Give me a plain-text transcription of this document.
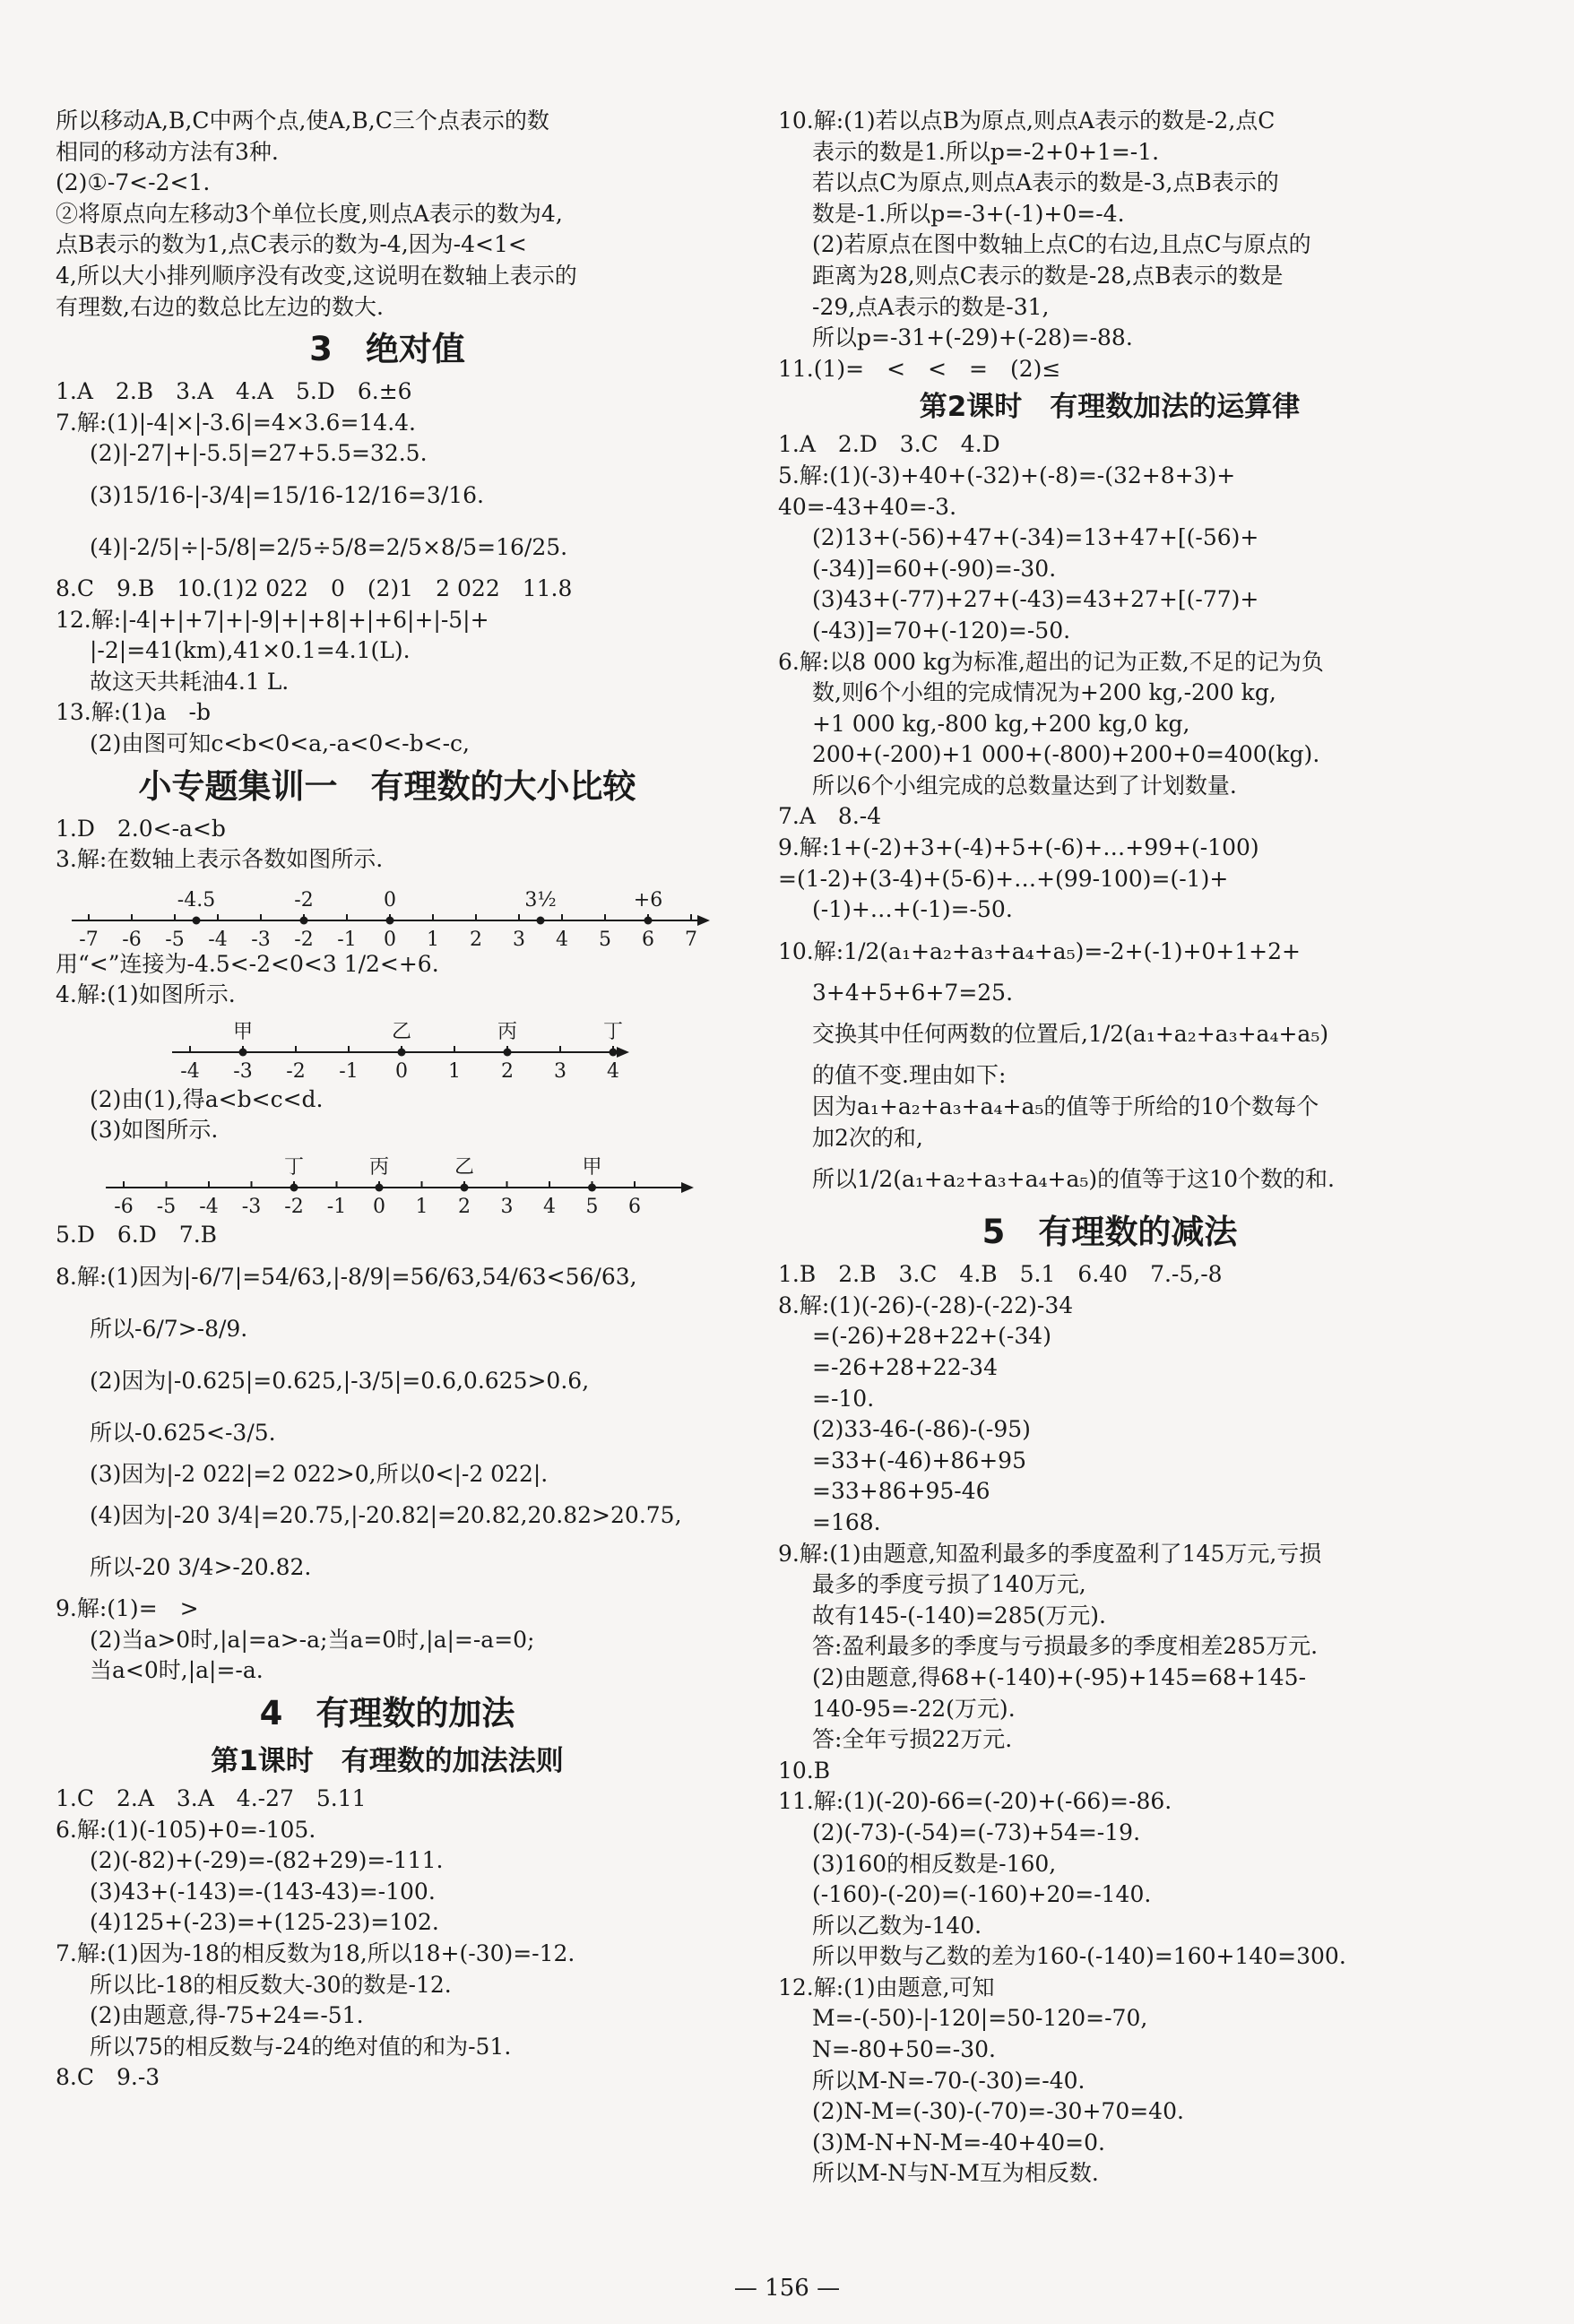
所以移动A,B,C中两个点,使A,B,C三个点表示的数

相同的移动方法有3种.

(2)①-7<-2<1.

②将原点向左移动3个单位长度,则点A表示的数为4,

点B表示的数为1,点C表示的数为-4,因为-4<1<

4,所以大小排列顺序没有改变,这说明在数轴上表示的

有理数,右边的数总比左边的数大.

3　绝对值

1.A　2.B　3.A　4.A　5.D　6.±6

7.解:(1)|-4|×|-3.6|=4×3.6=14.4.

(2)|-27|+|-5.5|=27+5.5=32.5.

(3)15/16-|-3/4|=15/16-12/16=3/16.

(4)|-2/5|÷|-5/8|=2/5÷5/8=2/5×8/5=16/25.

8.C　9.B　10.(1)2 022　0　(2)1　2 022　11.8

12.解:|-4|+|+7|+|-9|+|+8|+|+6|+|-5|+

|-2|=41(km),41×0.1=4.1(L).

故这天共耗油4.1 L.

13.解:(1)a　-b

(2)由图可知c<b<0<a,-a<0<-b<-c,

小专题集训一　有理数的大小比较

1.D　2.0<-a<b

3.解:在数轴上表示各数如图所示.

-7 -6 -5 -4 -3 -2 -1 0 1 2 3 4 5 6 7
-4.5	-2	0	3½	+6

用“<”连接为-4.5<-2<0<3 1/2<+6.

4.解:(1)如图所示.

-4 -3 -2 -1 0 1 2 3 4
甲	乙	丙	丁

(2)由(1),得a<b<c<d.

(3)如图所示.

-6 -5 -4 -3 -2 -1 0 1 2 3 4 5 6
丁	丙	乙	甲

5.D　6.D　7.B

8.解:(1)因为|-6/7|=54/63,|-8/9|=56/63,54/63<56/63,

所以-6/7>-8/9.

(2)因为|-0.625|=0.625,|-3/5|=0.6,0.625>0.6,

所以-0.625<-3/5.

(3)因为|-2 022|=2 022>0,所以0<|-2 022|.

(4)因为|-20 3/4|=20.75,|-20.82|=20.82,20.82>20.75,

所以-20 3/4>-20.82.

9.解:(1)=　>

(2)当a>0时,|a|=a>-a;当a=0时,|a|=-a=0;

当a<0时,|a|=-a.

4　有理数的加法
第1课时　有理数的加法法则

1.C　2.A　3.A　4.-27　5.11

6.解:(1)(-105)+0=-105.

(2)(-82)+(-29)=-(82+29)=-111.

(3)43+(-143)=-(143-43)=-100.

(4)125+(-23)=+(125-23)=102.

7.解:(1)因为-18的相反数为18,所以18+(-30)=-12.

所以比-18的相反数大-30的数是-12.

(2)由题意,得-75+24=-51.

所以75的相反数与-24的绝对值的和为-51.

8.C　9.-3

10.解:(1)若以点B为原点,则点A表示的数是-2,点C

表示的数是1.所以p=-2+0+1=-1.

若以点C为原点,则点A表示的数是-3,点B表示的

数是-1.所以p=-3+(-1)+0=-4.

(2)若原点在图中数轴上点C的右边,且点C与原点的

距离为28,则点C表示的数是-28,点B表示的数是

-29,点A表示的数是-31,

所以p=-31+(-29)+(-28)=-88.

11.(1)=　<　<　=　(2)≤

第2课时　有理数加法的运算律

1.A　2.D　3.C　4.D

5.解:(1)(-3)+40+(-32)+(-8)=-(32+8+3)+

40=-43+40=-3.

(2)13+(-56)+47+(-34)=13+47+[(-56)+

(-34)]=60+(-90)=-30.

(3)43+(-77)+27+(-43)=43+27+[(-77)+

(-43)]=70+(-120)=-50.

6.解:以8 000 kg为标准,超出的记为正数,不足的记为负

数,则6个小组的完成情况为+200 kg,-200 kg,

+1 000 kg,-800 kg,+200 kg,0 kg,

200+(-200)+1 000+(-800)+200+0=400(kg).

所以6个小组完成的总数量达到了计划数量.

7.A　8.-4

9.解:1+(-2)+3+(-4)+5+(-6)+…+99+(-100)

=(1-2)+(3-4)+(5-6)+…+(99-100)=(-1)+

(-1)+…+(-1)=-50.

10.解:1/2(a₁+a₂+a₃+a₄+a₅)=-2+(-1)+0+1+2+

3+4+5+6+7=25.

交换其中任何两数的位置后,1/2(a₁+a₂+a₃+a₄+a₅)

的值不变.理由如下:

因为a₁+a₂+a₃+a₄+a₅的值等于所给的10个数每个

加2次的和,

所以1/2(a₁+a₂+a₃+a₄+a₅)的值等于这10个数的和.

5　有理数的减法

1.B　2.B　3.C　4.B　5.1　6.40　7.-5,-8

8.解:(1)(-26)-(-28)-(-22)-34

=(-26)+28+22+(-34)

=-26+28+22-34

=-10.

(2)33-46-(-86)-(-95)

=33+(-46)+86+95

=33+86+95-46

=168.

9.解:(1)由题意,知盈利最多的季度盈利了145万元,亏损

最多的季度亏损了140万元,

故有145-(-140)=285(万元).

答:盈利最多的季度与亏损最多的季度相差285万元.

(2)由题意,得68+(-140)+(-95)+145=68+145-

140-95=-22(万元).

答:全年亏损22万元.

10.B

11.解:(1)(-20)-66=(-20)+(-66)=-86.

(2)(-73)-(-54)=(-73)+54=-19.

(3)160的相反数是-160,

(-160)-(-20)=(-160)+20=-140.

所以乙数为-140.

所以甲数与乙数的差为160-(-140)=160+140=300.

12.解:(1)由题意,可知

M=-(-50)-|-120|=50-120=-70,

N=-80+50=-30.

所以M-N=-70-(-30)=-40.

(2)N-M=(-30)-(-70)=-30+70=40.

(3)M-N+N-M=-40+40=0.

所以M-N与N-M互为相反数.

— 156 —
